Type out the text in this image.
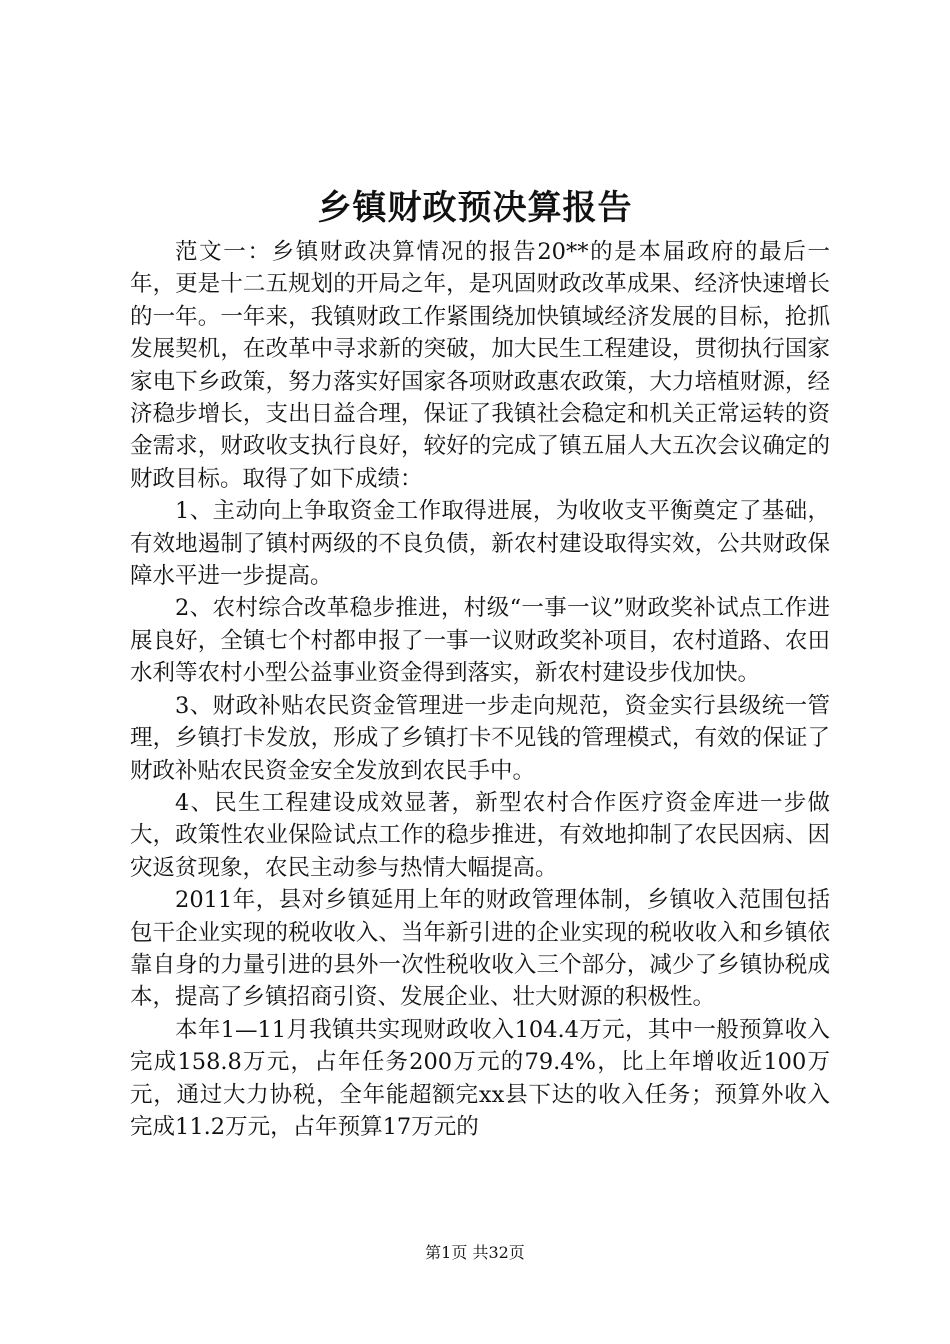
乡镇财政预决算报告

范文一：乡镇财政决算情况的报告20**的是本届政府的最后一年，更是十二五规划的开局之年，是巩固财政改革成果、经济快速增长的一年。一年来，我镇财政工作紧围绕加快镇域经济发展的目标，抢抓发展契机，在改革中寻求新的突破，加大民生工程建设，贯彻执行国家家电下乡政策，努力落实好国家各项财政惠农政策，大力培植财源，经济稳步增长，支出日益合理，保证了我镇社会稳定和机关正常运转的资金需求，财政收支执行良好，较好的完成了镇五届人大五次会议确定的财政目标。取得了如下成绩：

1、主动向上争取资金工作取得进展，为收收支平衡奠定了基础，有效地遏制了镇村两级的不良负债，新农村建设取得实效，公共财政保障水平进一步提高。

2、农村综合改革稳步推进，村级“一事一议”财政奖补试点工作进展良好，全镇七个村都申报了一事一议财政奖补项目，农村道路、农田水利等农村小型公益事业资金得到落实，新农村建设步伐加快。

3、财政补贴农民资金管理进一步走向规范，资金实行县级统一管理，乡镇打卡发放，形成了乡镇打卡不见钱的管理模式，有效的保证了财政补贴农民资金安全发放到农民手中。

4、民生工程建设成效显著，新型农村合作医疗资金库进一步做大，政策性农业保险试点工作的稳步推进，有效地抑制了农民因病、因灾返贫现象，农民主动参与热情大幅提高。

2011年，县对乡镇延用上年的财政管理体制，乡镇收入范围包括包干企业实现的税收收入、当年新引进的企业实现的税收收入和乡镇依靠自身的力量引进的县外一次性税收收入三个部分，减少了乡镇协税成本，提高了乡镇招商引资、发展企业、壮大财源的积极性。

本年1—11月我镇共实现财政收入104.4万元，其中一般预算收入完成158.8万元，占年任务200万元的79.4%，比上年增收近100万元，通过大力协税，全年能超额完xx县下达的收入任务；预算外收入完成11.2万元，占年预算17万元的

第1页 共32页
